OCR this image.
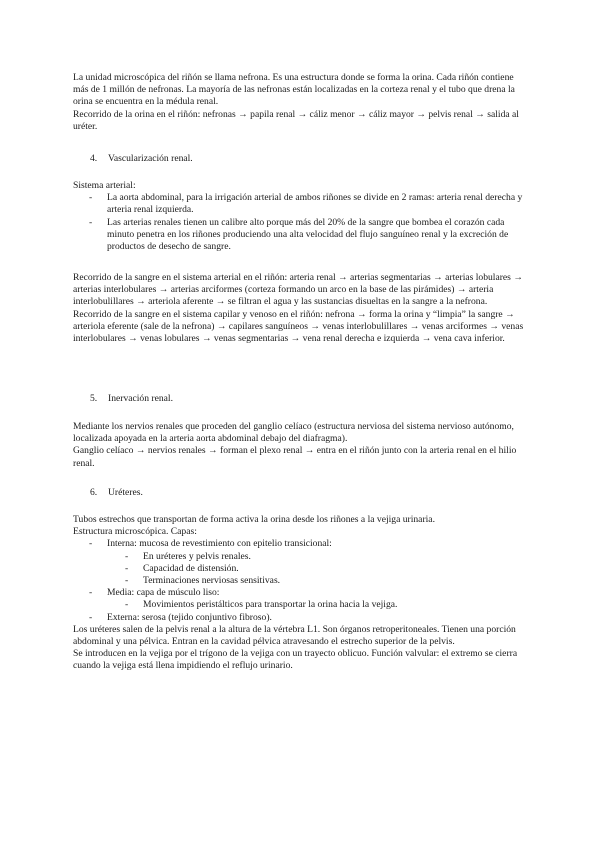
La unidad microscópica del riñón se llama nefrona. Es una estructura donde se forma la orina. Cada riñón contiene más de 1 millón de nefronas. La mayoría de las nefronas están localizadas en la corteza renal y el tubo que drena la orina se encuentra en la médula renal.

Recorrido de la orina en el riñón: nefronas → papila renal → cáliz menor → cáliz mayor → pelvis renal → salida al uréter.

4. Vascularización renal.

Sistema arterial:

- La aorta abdominal, para la irrigación arterial de ambos riñones se divide en 2 ramas: arteria renal derecha y arteria renal izquierda.
- Las arterias renales tienen un calibre alto porque más del 20% de la sangre que bombea el corazón cada minuto penetra en los riñones produciendo una alta velocidad del flujo sanguíneo renal y la excreción de productos de desecho de sangre.

Recorrido de la sangre en el sistema arterial en el riñón: arteria renal → arterias segmentarias → arterias lobulares → arterias interlobulares → arterias arciformes (corteza formando un arco en la base de las pirámides) → arteria interlobulillares → arteriola aferente → se filtran el agua y las sustancias disueltas en la sangre a la nefrona.

Recorrido de la sangre en el sistema capilar y venoso en el riñón: nefrona → forma la orina y “limpia” la sangre → arteriola eferente (sale de la nefrona) → capilares sanguíneos → venas interlobulillares → venas arciformes → venas interlobulares → venas lobulares → venas segmentarias → vena renal derecha e izquierda → vena cava inferior.

5. Inervación renal.

Mediante los nervios renales que proceden del ganglio celíaco (estructura nerviosa del sistema nervioso autónomo, localizada apoyada en la arteria aorta abdominal debajo del diafragma).

Ganglio celíaco → nervios renales → forman el plexo renal → entra en el riñón junto con la arteria renal en el hilio renal.

6. Uréteres.

Tubos estrechos que transportan de forma activa la orina desde los riñones a la vejiga urinaria.

Estructura microscópica. Capas:

- Interna: mucosa de revestimiento con epitelio transicional:
- En uréteres y pelvis renales.
- Capacidad de distensión.
- Terminaciones nerviosas sensitivas.
- Media: capa de músculo liso:
- Movimientos peristálticos para transportar la orina hacia la vejiga.
- Externa: serosa (tejido conjuntivo fibroso).

Los uréteres salen de la pelvis renal a la altura de la vértebra L1. Son órganos retroperitoneales. Tienen una porción abdominal y una pélvica. Entran en la cavidad pélvica atravesando el estrecho superior de la pelvis.

Se introducen en la vejiga por el trígono de la vejiga con un trayecto oblicuo. Función valvular: el extremo se cierra cuando la vejiga está llena impidiendo el reflujo urinario.
